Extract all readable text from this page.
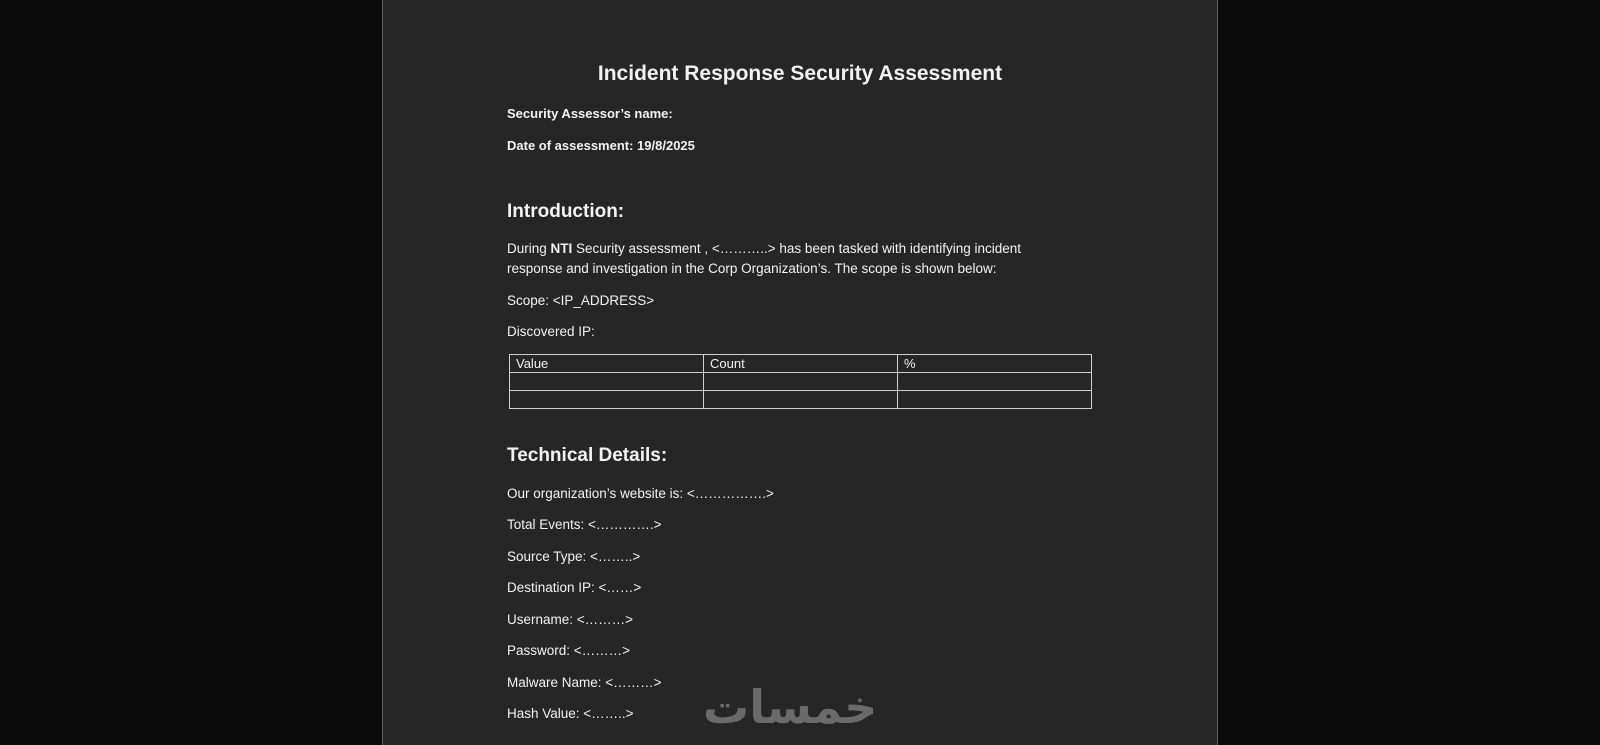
Incident Response Security Assessment
Security Assessor’s name:
Date of assessment: 19/8/2025
Introduction:
During NTI Security assessment , <………..> has been tasked with identifying incident
response and investigation in the Corp Organization’s. The scope is shown below:
Scope: <IP_ADDRESS>
Discovered IP:
Value	Count	%

Technical Details:
Our organization’s website is: <…………….>
Total Events: <………….>
Source Type: <……..>
Destination IP: <……>
Username: <………>
Password: <………>
Malware Name: <………>
Hash Value: <……..> خمسات
